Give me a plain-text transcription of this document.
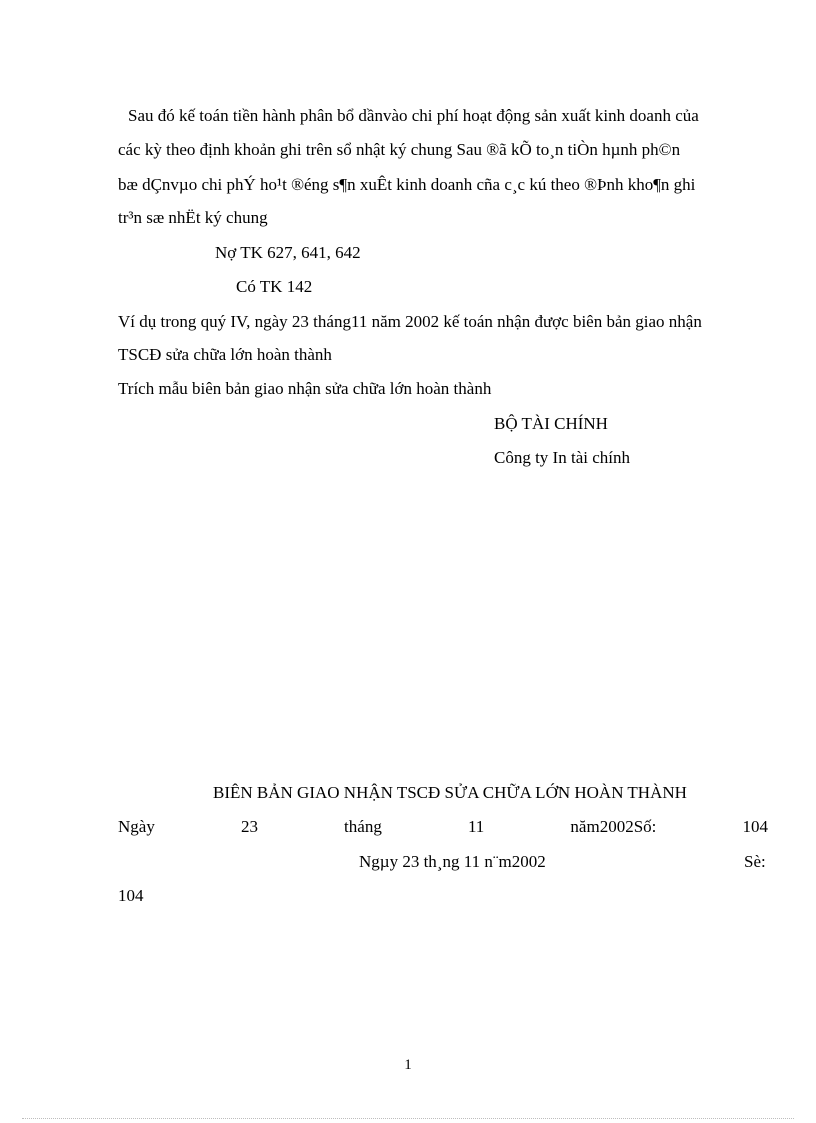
Sau đó kế toán tiền hành phân bổ dầnvào chi phí hoạt động sản xuất kinh doanh của
các kỳ theo định khoản ghi trên sổ nhật ký chung Sau ®ã kÕ to¸n tiÒn hµnh ph©n
bæ dÇnvµo chi phÝ ho¹t ®éng s¶n xuÊt kinh doanh cña c¸c kú theo ®Þnh kho¶n ghi
tr³n sæ nhËt ký chung
Nợ TK 627, 641, 642
Có TK 142
Ví dụ trong quý IV, ngày 23 tháng11 năm 2002 kế toán nhận được biên bản giao nhận
TSCĐ sửa chữa lớn hoàn thành
Trích mẫu biên bản giao nhận sửa chữa lớn hoàn thành
BỘ TÀI CHÍNH
Công ty In tài chính
BIÊN BẢN GIAO NHẬN TSCĐ SỬA CHỮA LỚN HOÀN THÀNH
Ngày	23	tháng	11	năm2002Số:	104
Ngµy 23 th¸ng 11 n¨m2002	Sè:
104
1
